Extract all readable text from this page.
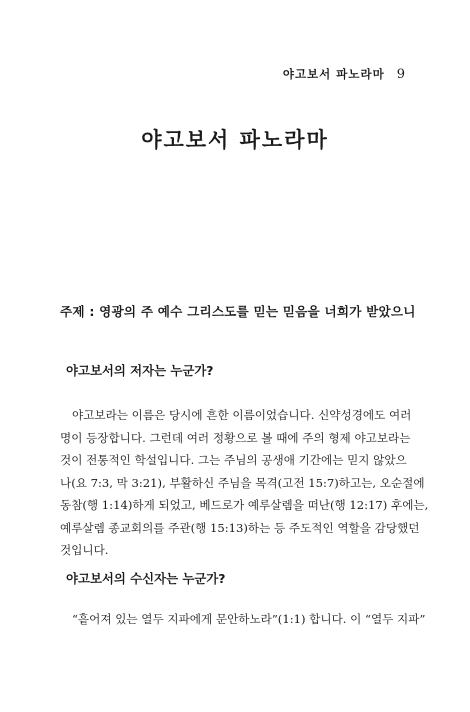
야고보서 파노라마 9
야고보서 파노라마
주제 : 영광의 주 예수 그리스도를 믿는 믿음을 너희가 받았으니
야고보서의 저자는 누군가?
야고보라는 이름은 당시에 흔한 이름이었습니다. 신약성경에도 여러
명이 등장합니다. 그런데 여러 정황으로 볼 때에 주의 형제 야고보라는
것이 전통적인 학설입니다. 그는 주님의 공생애 기간에는 믿지 않았으
나(요 7:3, 막 3:21), 부활하신 주님을 목격(고전 15:7)하고는, 오순절에
동참(행 1:14)하게 되었고, 베드로가 예루살렘을 떠난(행 12:17) 후에는,
예루살렘 종교회의를 주관(행 15:13)하는 등 주도적인 역할을 감당했던
것입니다.
야고보서의 수신자는 누군가?
“흩어져 있는 열두 지파에게 문안하노라”(1:1) 합니다. 이 “열두 지파”
